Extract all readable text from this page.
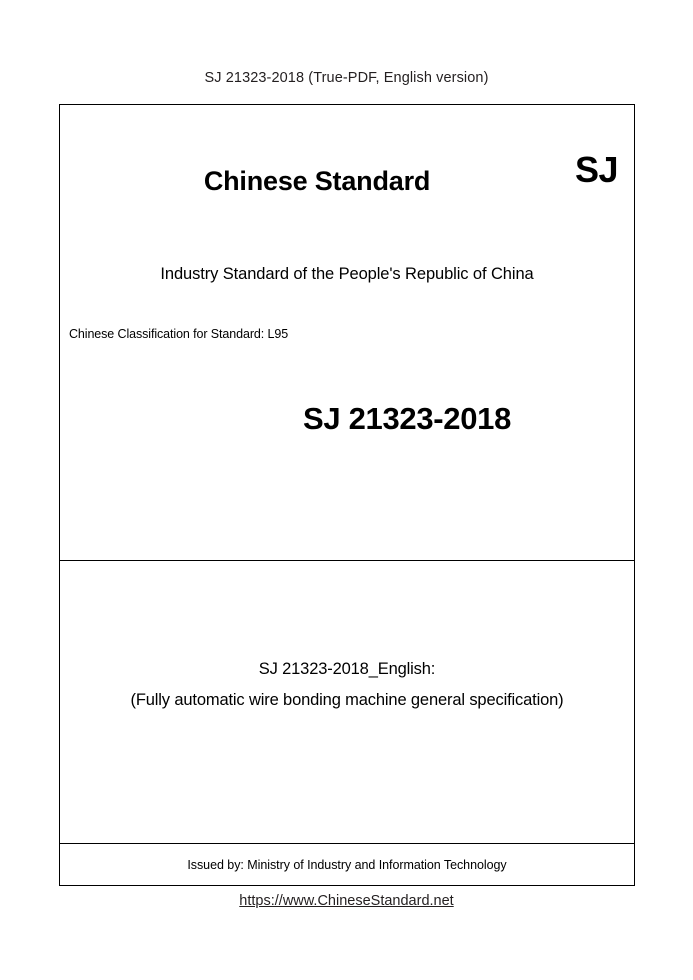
SJ 21323-2018 (True-PDF, English version)
Chinese Standard	SJ
Industry Standard of the People's Republic of China
Chinese Classification for Standard: L95
SJ 21323-2018
SJ 21323-2018_English:
(Fully automatic wire bonding machine general specification)
Issued by: Ministry of Industry and Information Technology
https://www.ChineseStandard.net
